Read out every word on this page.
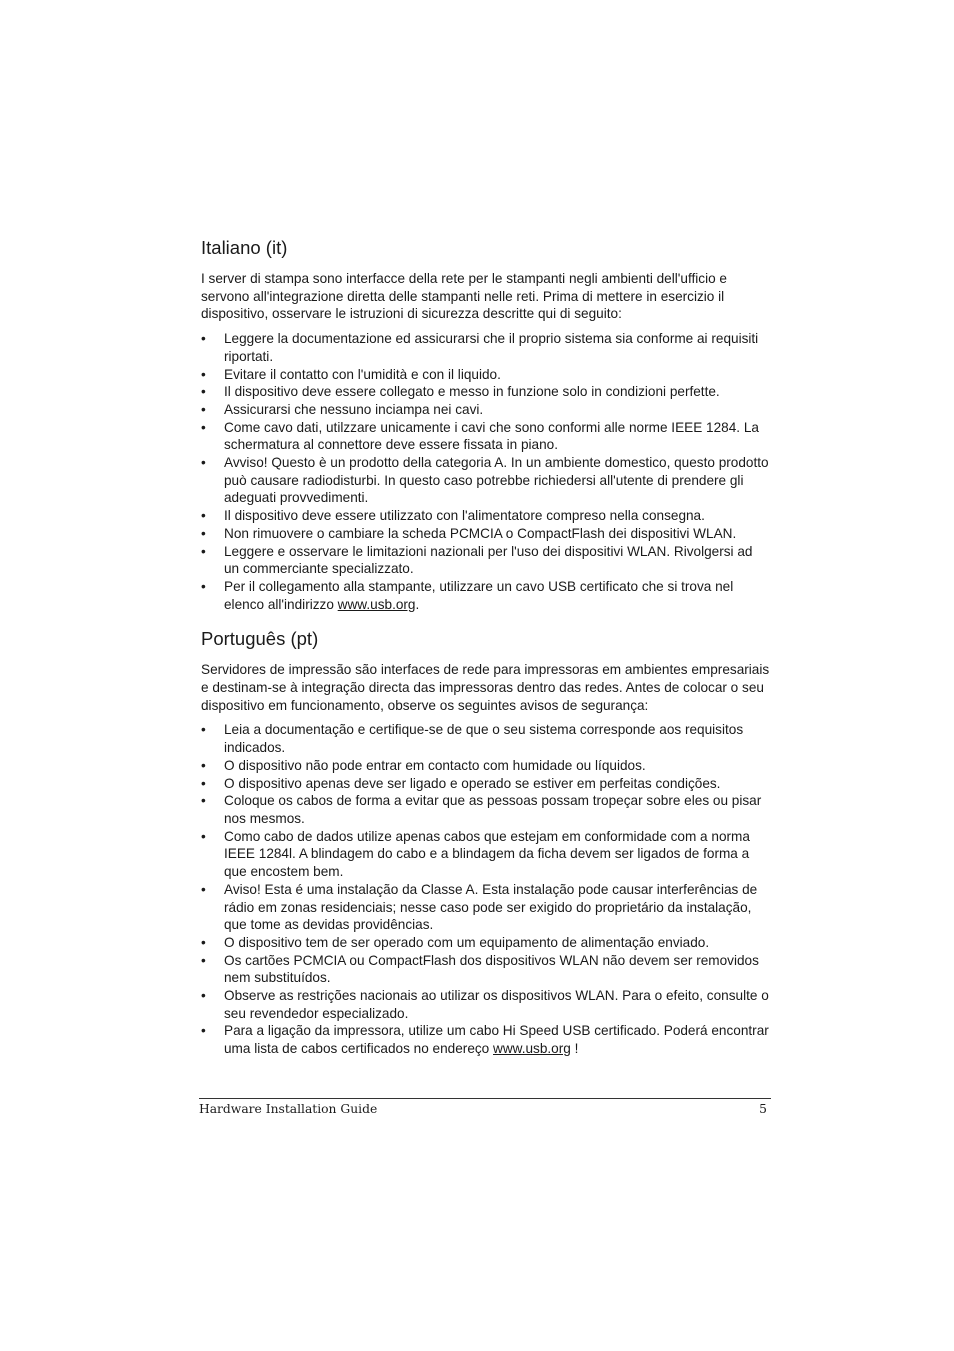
Italiano (it)

I server di stampa sono interfacce della rete per le stampanti negli ambienti dell'ufficio e servono all'integrazione diretta delle stampanti nelle reti. Prima di mettere in esercizio il dispositivo, osservare le istruzioni di sicurezza descritte qui di seguito:

• Leggere la documentazione ed assicurarsi che il proprio sistema sia conforme ai requisiti riportati.
• Evitare il contatto con l'umidità e con il liquido.
• Il dispositivo deve essere collegato e messo in funzione solo in condizioni perfette.
• Assicurarsi che nessuno inciampa nei cavi.
• Come cavo dati, utilzzare unicamente i cavi che sono conformi alle norme IEEE 1284. La schermatura al connettore deve essere fissata in piano.
• Avviso! Questo è un prodotto della categoria A. In un ambiente domestico, questo prodotto può causare radiodisturbi. In questo caso potrebbe richiedersi all'utente di prendere gli adeguati provvedimenti.
• Il dispositivo deve essere utilizzato con l'alimentatore compreso nella consegna.
• Non rimuovere o cambiare la scheda PCMCIA o CompactFlash dei dispositivi WLAN.
• Leggere e osservare le limitazioni nazionali per l'uso dei dispositivi WLAN. Rivolgersi ad un commerciante specializzato.
• Per il collegamento alla stampante, utilizzare un cavo USB certificato che si trova nel elenco all'indirizzo www.usb.org.
Português (pt)

Servidores de impressão são interfaces de rede para impressoras em ambientes empresariais e destinam-se à integração directa das impressoras dentro das redes. Antes de colocar o seu dispositivo em funcionamento, observe os seguintes avisos de segurança:

• Leia a documentação e certifique-se de que o seu sistema corresponde aos requisitos indicados.
• O dispositivo não pode entrar em contacto com humidade ou líquidos.
• O dispositivo apenas deve ser ligado e operado se estiver em perfeitas condições.
• Coloque os cabos de forma a evitar que as pessoas possam tropeçar sobre eles ou pisar nos mesmos.
• Como cabo de dados utilize apenas cabos que estejam em conformidade com a norma IEEE 1284l. A blindagem do cabo e a blindagem da ficha devem ser ligados de forma a que encostem bem.
• Aviso! Esta é uma instalação da Classe A. Esta instalação pode causar interferências de rádio em zonas residenciais; nesse caso pode ser exigido do proprietário da instalação, que tome as devidas providências.
• O dispositivo tem de ser operado com um equipamento de alimentação enviado.
• Os cartões PCMCIA ou CompactFlash dos dispositivos WLAN não devem ser removidos nem substituídos.
• Observe as restrições nacionais ao utilizar os dispositivos WLAN. Para o efeito, consulte o seu revendedor especializado.
• Para a ligação da impressora, utilize um cabo Hi Speed USB certificado. Poderá encontrar uma lista de cabos certificados no endereço www.usb.org !
Hardware Installation Guide	5
